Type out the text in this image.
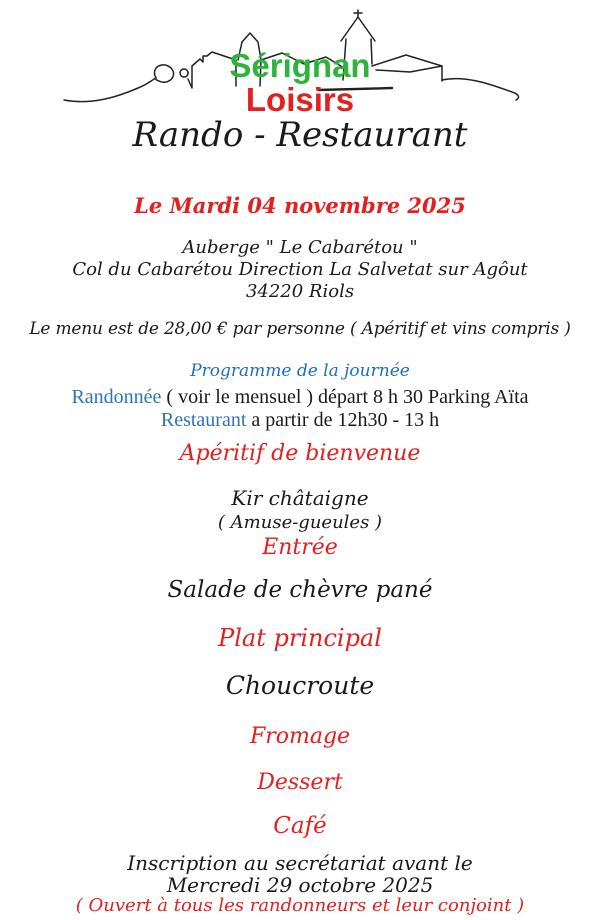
Sérignan
Loisirs
Rando - Restaurant
Le Mardi 04 novembre 2025
Auberge " Le Cabarétou "
Col du Cabarétou Direction La Salvetat sur Agôut
34220 Riols
Le menu est de 28,00 € par personne ( Apéritif et vins compris )
Programme de la journée
Randonnée ( voir le mensuel ) départ 8 h 30 Parking Aïta
Restaurant a partir de 12h30 - 13 h
Apéritif de bienvenue
Kir châtaigne
( Amuse-gueules )
Entrée
Salade de chèvre pané
Plat principal
Choucroute
Fromage
Dessert
Café
Inscription au secrétariat avant le
Mercredi 29 octobre 2025
( Ouvert à tous les randonneurs et leur conjoint )
